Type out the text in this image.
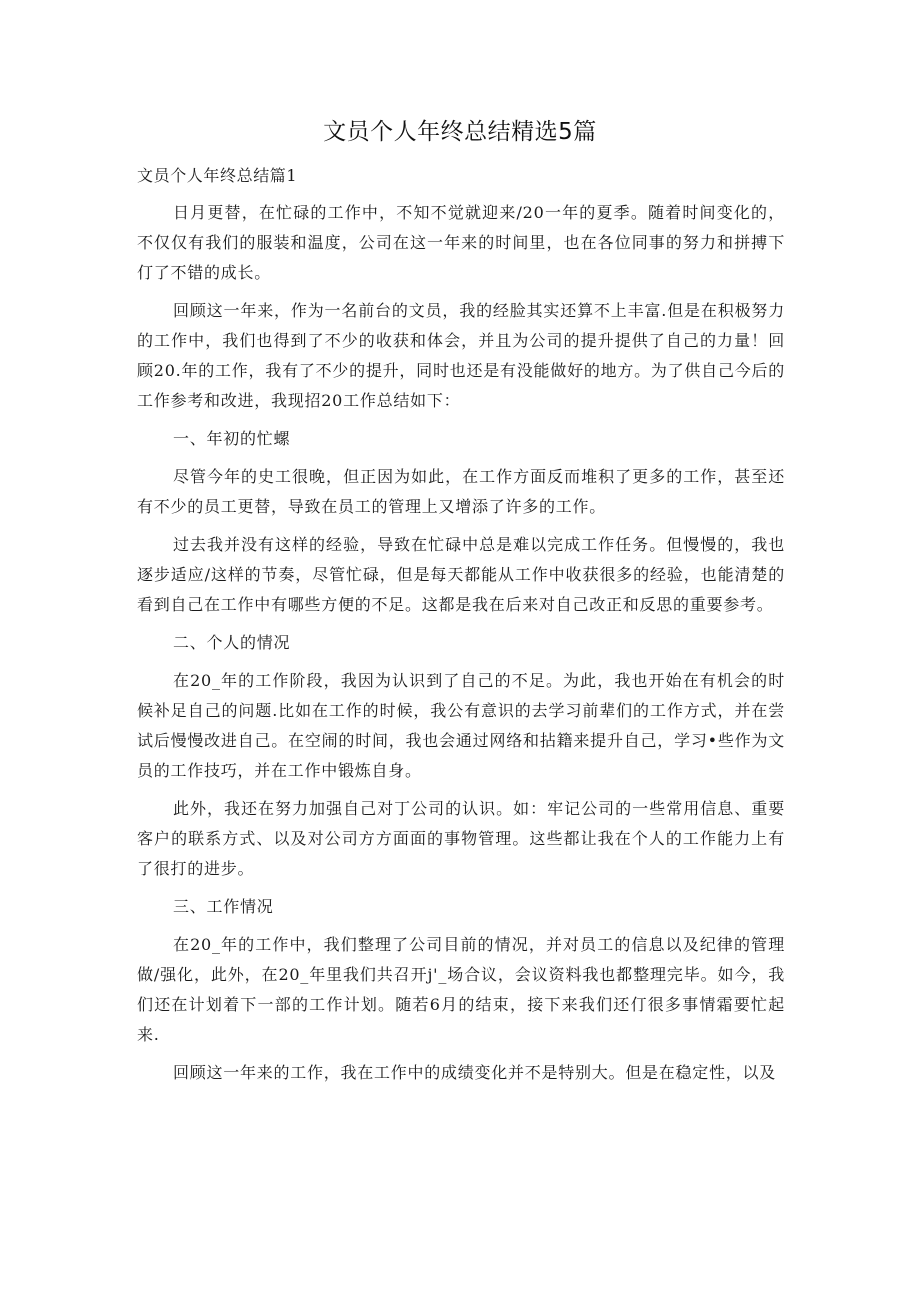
文员个人年终总结精选5篇
文员个人年终总结篇1

日月更替，在忙碌的工作中，不知不觉就迎来/20一年的夏季。随着时间变化的，不仅仅有我们的服装和温度，公司在这一年来的时间里，也在各位同事的努力和拼搏下仃了不错的成长。

回顾这一年来，作为一名前台的文员，我的经脸其实还算不上丰富.但是在积极努力的工作中，我们也得到了不少的收获和体会，并且为公司的提升提供了自己的力量！回顾20.年的工作，我有了不少的提升，同时也还是有没能做好的地方。为了供自己今后的工作参考和改进，我现招20工作总结如下：

一、年初的忙螺

尽管今年的史工很晚，但正因为如此，在工作方面反而堆积了更多的工作，甚至还有不少的员工更替，导致在员工的管理上又增添了许多的工作。

过去我并没有这样的经验，导致在忙碌中总是难以完成工作任务。但慢慢的，我也逐步适应/这样的节奏，尽管忙碌，但是每天都能从工作中收获很多的经验，也能清楚的看到自己在工作中有哪些方便的不足。这都是我在后来对自己改正和反思的重要参考。

二、个人的情况

在20_年的工作阶段，我因为认识到了自己的不足。为此，我也开始在有机会的时候补足自己的问题.比如在工作的时候，我公有意识的去学习前辈们的工作方式，并在尝试后慢慢改进自己。在空闹的时间，我也会通过网络和拈籍来提升自己，学习•些作为文员的工作技巧，并在工作中锻炼自身。

此外，我还在努力加强自己对丁公司的认识。如：牢记公司的一些常用信息、重要客户的联系方式、以及对公司方方面面的事物管理。这些都让我在个人的工作能力上有了很打的进步。

三、工作情况

在20_年的工作中，我们整理了公司目前的情况，并对员工的信息以及纪律的管理做/强化，此外，在20_年里我们共召开j'_场合议，会议资料我也都整理完毕。如今，我们还在计划着下一部的工作计划。随若6月的结束，接下来我们还仃很多事情霜要忙起来.

回顾这一年来的工作，我在工作中的成绩变化并不是特别大。但是在稳定性，以及
